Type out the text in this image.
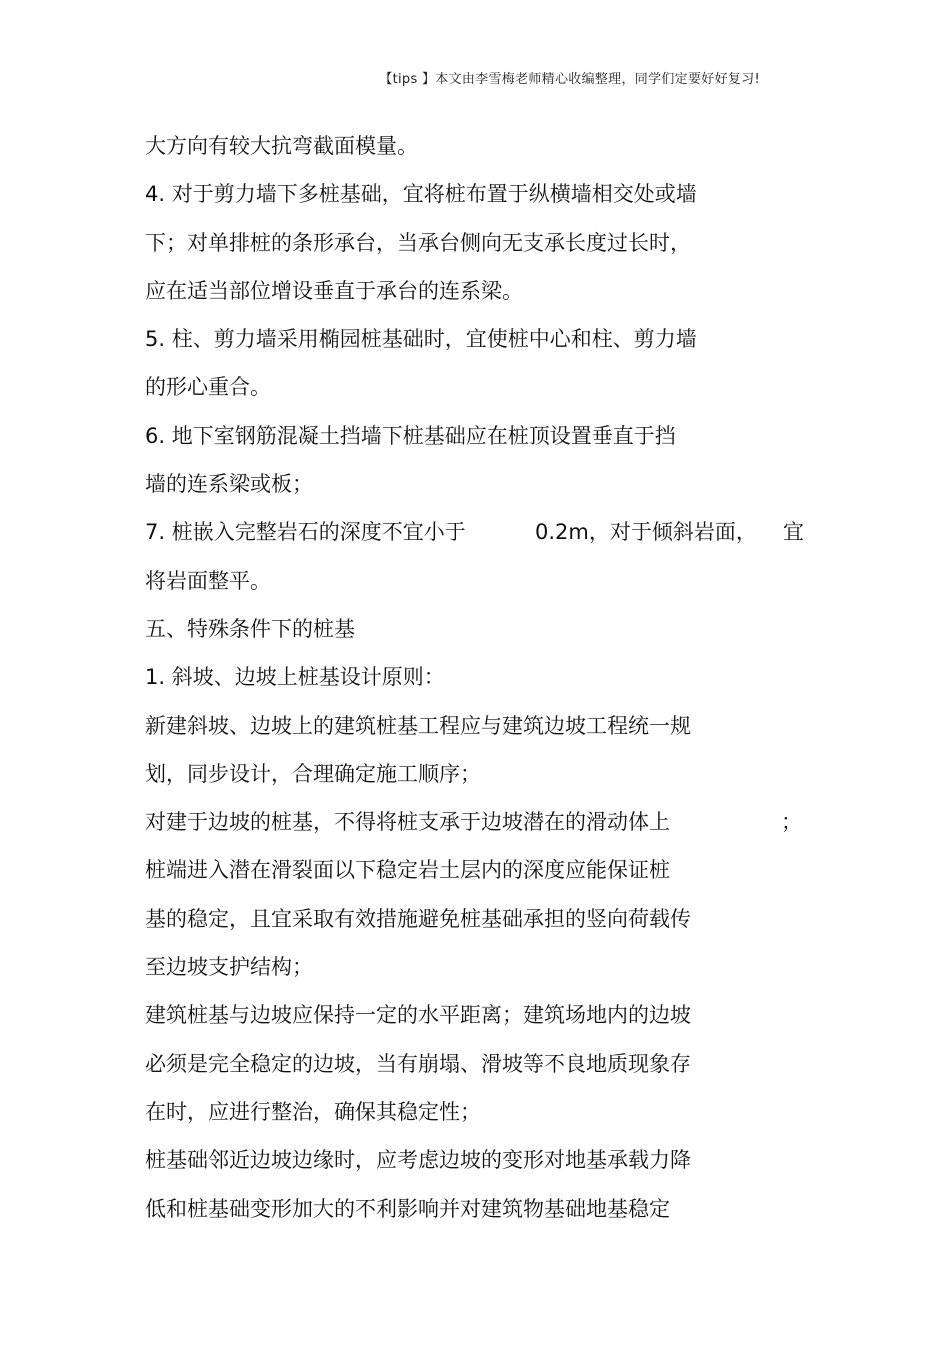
【tips 】本文由李雪梅老师精心收编整理，同学们定要好好复习!
大方向有较大抗弯截面模量。
4. 对于剪力墙下多桩基础，宜将桩布置于纵横墙相交处或墙
下；对单排桩的条形承台，当承台侧向无支承长度过长时，
应在适当部位增设垂直于承台的连系梁。
5. 柱、剪力墙采用椭园桩基础时，宜使桩中心和柱、剪力墙
的形心重合。
6. 地下室钢筋混凝土挡墙下桩基础应在桩顶设置垂直于挡
墙的连系梁或板；
7. 桩嵌入完整岩石的深度不宜小于	0.2m，对于倾斜岩面， 宜
将岩面整平。
五、特殊条件下的桩基
1. 斜坡、边坡上桩基设计原则：
新建斜坡、边坡上的建筑桩基工程应与建筑边坡工程统一规
划，同步设计，合理确定施工顺序；
对建于边坡的桩基，不得将桩支承于边坡潜在的滑动体上	；
桩端进入潜在滑裂面以下稳定岩土层内的深度应能保证桩
基的稳定，且宜采取有效措施避免桩基础承担的竖向荷载传
至边坡支护结构；
建筑桩基与边坡应保持一定的水平距离；建筑场地内的边坡
必须是完全稳定的边坡，当有崩塌、滑坡等不良地质现象存
在时，应进行整治，确保其稳定性；
桩基础邻近边坡边缘时，应考虑边坡的变形对地基承载力降
低和桩基础变形加大的不利影响并对建筑物基础地基稳定
